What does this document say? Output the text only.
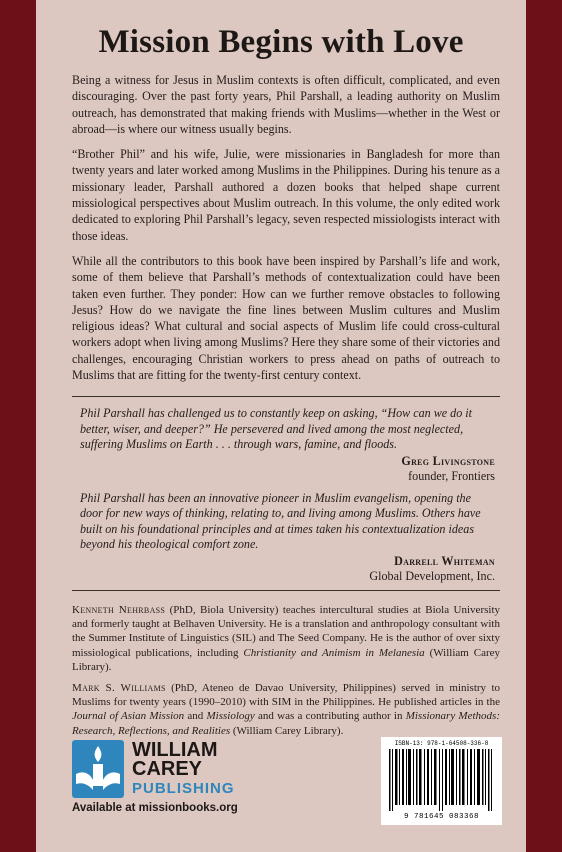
Mission Begins with Love

Being a witness for Jesus in Muslim contexts is often difficult, complicated, and even discouraging. Over the past forty years, Phil Parshall, a leading authority on Muslim outreach, has demonstrated that making friends with Muslims—whether in the West or abroad—is where our witness usually begins.

“Brother Phil” and his wife, Julie, were missionaries in Bangladesh for more than twenty years and later worked among Muslims in the Philippines. During his tenure as a missionary leader, Parshall authored a dozen books that helped shape current missiological perspectives about Muslim outreach. In this volume, the only edited work dedicated to exploring Phil Parshall’s legacy, seven respected missiologists interact with those ideas.

While all the contributors to this book have been inspired by Parshall’s life and work, some of them believe that Parshall’s methods of contextualization could have been taken even further. They ponder: How can we further remove obstacles to following Jesus? How do we navigate the fine lines between Muslim cultures and Muslim religious ideas? What cultural and social aspects of Muslim life could cross-cultural workers adopt when living among Muslims? Here they share some of their victories and challenges, encouraging Christian workers to press ahead on paths of outreach to Muslims that are fitting for the twenty-first century context.

Phil Parshall has challenged us to constantly keep on asking, “How can we do it better, wiser, and deeper?” He persevered and lived among the most neglected, suffering Muslims on Earth . . . through wars, famine, and floods.

Greg Livingstone
founder, Frontiers

Phil Parshall has been an innovative pioneer in Muslim evangelism, opening the door for new ways of thinking, relating to, and living among Muslims. Others have built on his foundational principles and at times taken his contextualization ideas beyond his theological comfort zone.

Darrell Whiteman
Global Development, Inc.

Kenneth Nehrbass (PhD, Biola University) teaches intercultural studies at Biola University and formerly taught at Belhaven University. He is a translation and anthropology consultant with the Summer Institute of Linguistics (SIL) and The Seed Company. He is the author of over sixty missiological publications, including Christianity and Animism in Melanesia (William Carey Library).

Mark S. Williams (PhD, Ateneo de Davao University, Philippines) served in ministry to Muslims for twenty years (1990–2010) with SIM in the Philippines. He published articles in the Journal of Asian Mission and Missiology and was a contributing author in Missionary Methods: Research, Reflections, and Realities (William Carey Library).

WILLIAM
CAREY
PUBLISHING
Available at missionbooks.org
ISBN-13: 978-1-64508-336-8
9 781645 083368
